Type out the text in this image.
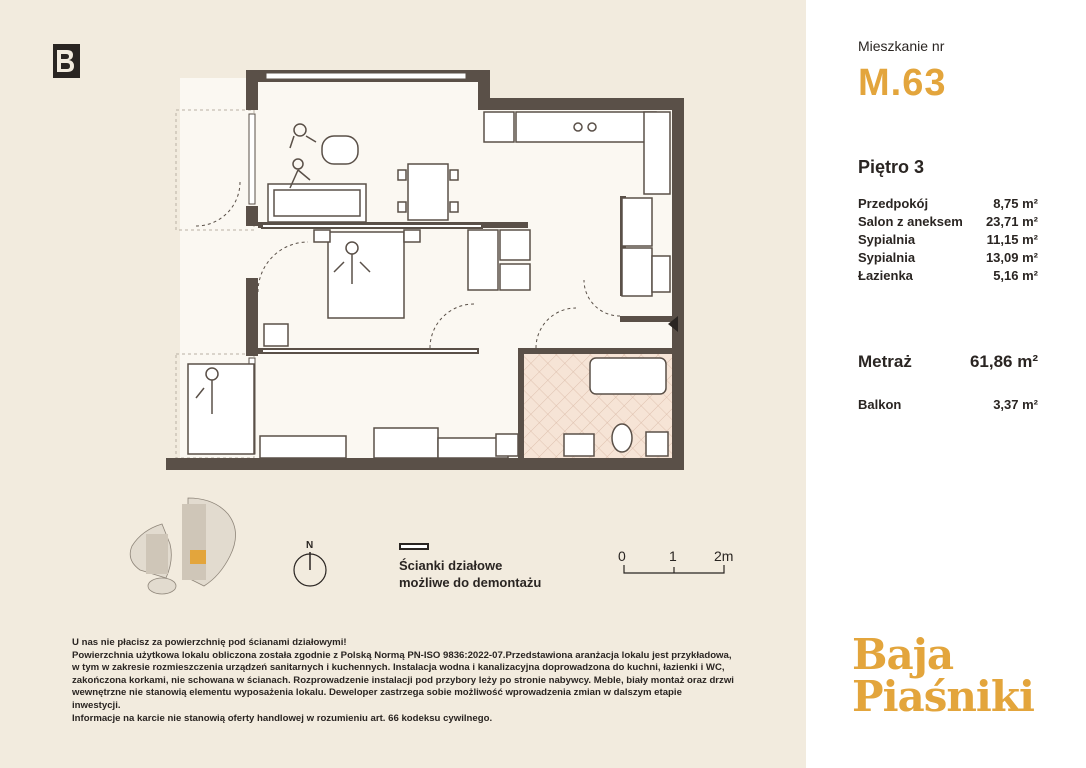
N
Ścianki działowe
możliwe do demontażu
0	1	2m
U nas nie płacisz za powierzchnię pod ścianami działowymi!
Powierzchnia użytkowa lokalu obliczona została zgodnie z Polską Normą PN-ISO 9836:2022-07.Przedstawiona aranżacja lokalu jest przykładowa,
w tym w zakresie rozmieszczenia urządzeń sanitarnych i kuchennych. Instalacja wodna i kanalizacyjna doprowadzona do kuchni, łazienki i WC,
zakończona korkami, nie schowana w ścianach. Rozprowadzenie instalacji pod przybory leży po stronie nabywcy. Meble, biały montaż oraz drzwi
wewnętrzne nie stanowią elementu wyposażenia lokalu. Deweloper zastrzega sobie możliwość wprowadzenia zmian w dalszym etapie
inwestycji.
Informacje na karcie nie stanowią oferty handlowej w rozumieniu art. 66 kodeksu cywilnego.
Mieszkanie nr
M.63
Piętro 3
Przedpokój	8,75 m²
Salon z aneksem 23,71 m²
Sypialnia	11,15 m²
Sypialnia	13,09 m²
Łazienka	5,16 m²
Metraż	61,86 m²
Balkon	3,37 m²
Baja
Piaśniki
